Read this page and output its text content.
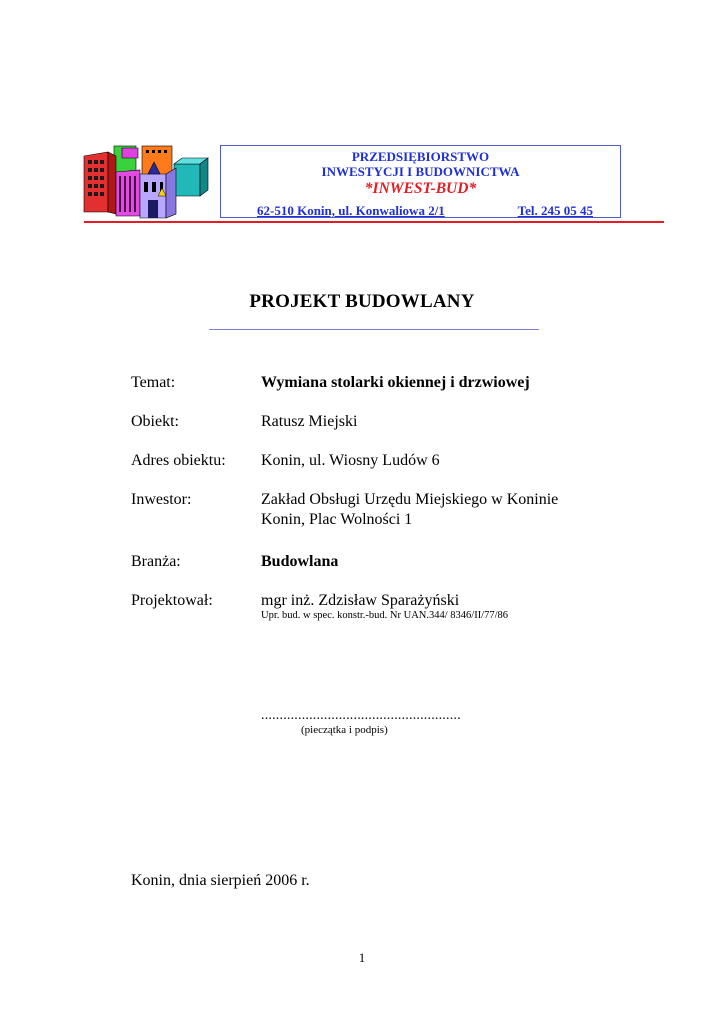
PRZEDSIĘBIORSTWO
INWESTYCJI I BUDOWNICTWA
*INWEST-BUD*
62-510 Konin, ul. Konwaliowa 2/1	Tel. 245 05 45
PROJEKT BUDOWLANY
Temat:	Wymiana stolarki okiennej i drzwiowej
Obiekt:	Ratusz Miejski
Adres obiektu: Konin, ul. Wiosny Ludów 6
Inwestor:	Zakład Obsługi Urzędu Miejskiego w Koninie
Konin, Plac Wolności 1
Branża:	Budowlana
Projektował:	mgr inż. Zdzisław Sparażyński
Upr. bud. w spec. konstr.-bud. Nr UAN.344/ 8346/II/77/86
......................................................
(pieczątka i podpis)
Konin, dnia sierpień 2006 r.
1
